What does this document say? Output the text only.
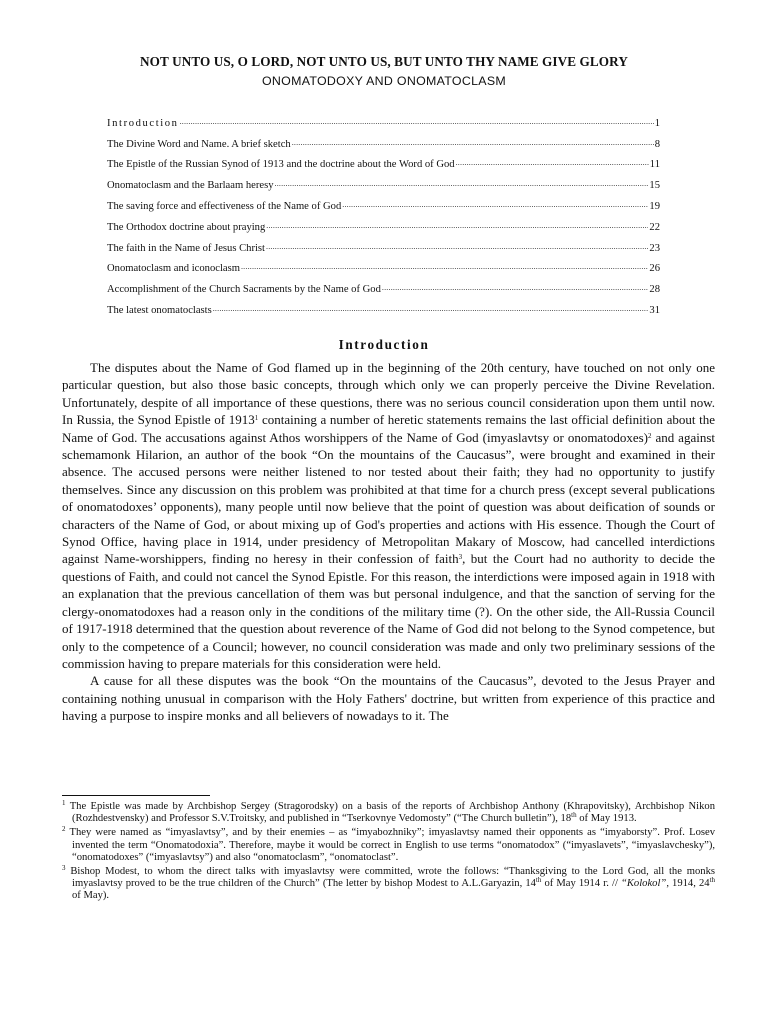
NOT UNTO US, O LORD, NOT UNTO US, BUT UNTO THY NAME GIVE GLORY
ONOMATODOXY AND ONOMATOCLASM
Introduction .....	1
The Divine Word and Name. A brief sketch .....	8
The Epistle of the Russian Synod of 1913 and the doctrine about the Word of God .....	11
Onomatoclasm and the Barlaam heresy .....	15
The saving force and effectiveness of the Name of God .....	19
The Orthodox doctrine about praying .....	22
The faith in the Name of Jesus Christ .....	23
Onomatoclasm and iconoclasm .....	26
Accomplishment of the Church Sacraments by the Name of God .....	28
The latest onomatoclasts .....	31
Introduction

The disputes about the Name of God flamed up in the beginning of the 20th century, have touched on not only one particular question, but also those basic concepts, through which only we can properly perceive the Divine Revelation. Unfortunately, despite of all importance of these questions, there was no serious council consideration upon them until now. In Russia, the Synod Epistle of 1913$^1$ containing a number of heretic statements remains the last official definition about the Name of God. The accusations against Athos worshippers of the Name of God (imyaslavtsy or onomatodoxes)$^2$ and against schemamonk Hilarion, an author of the book “On the mountains of the Caucasus”, were brought and examined in their absence. The accused persons were neither listened to nor tested about their faith; they had no opportunity to justify themselves. Since any discussion on this problem was prohibited at that time for a church press (except several publications of onomatodoxes’ opponents), many people until now believe that the point of question was about deification of sounds or characters of the Name of God, or about mixing up of God's properties and actions with His essence. Though the Court of Synod Office, having place in 1914, under presidency of Metropolitan Makary of Moscow, had cancelled interdictions against Name-worshippers, finding no heresy in their confession of faith$^3$, but the Court had no authority to decide the questions of Faith, and could not cancel the Synod Epistle. For this reason, the interdictions were imposed again in 1918 with an explanation that the previous cancellation of them was but personal indulgence, and that the sanction of serving for the clergy-onomatodoxes had a reason only in the conditions of the military time (?). On the other side, the All-Russia Council of 1917-1918 determined that the question about reverence of the Name of God did not belong to the Synod competence, but only to the competence of a Council; however, no council consideration was made and only two preliminary sessions of the commission having to prepare materials for this consideration were held.

A cause for all these disputes was the book “On the mountains of the Caucasus”, devoted to the Jesus Prayer and containing nothing unusual in comparison with the Holy Fathers' doctrine, but written from experience of this practice and having a purpose to inspire monks and all believers of nowadays to it. The

$^1$ The Epistle was made by Archbishop Sergey (Stragorodsky) on a basis of the reports of Archbishop Anthony (Khrapovitsky), Archbishop Nikon (Rozhdestvensky) and Professor S.V.Troitsky, and published in “Tserkovnye Vedomosty” (“The Church bulletin”), 18th of May 1913.
$^2$ They were named as “imyaslavtsy”, and by their enemies – as “imyabozhniky”; imyaslavtsy named their opponents as “imyaborsty”. Prof. Losev invented the term “Onomatodoxia”. Therefore, maybe it would be correct in English to use terms “onomatodox” (“imyaslavets”, “imyaslavchesky”), “onomatodoxes” (“imyaslavtsy”) and also “onomatoclasm”, “onomatoclast”.
$^3$ Bishop Modest, to whom the direct talks with imyaslavtsy were committed, wrote the follows: “Thanksgiving to the Lord God, all the monks imyaslavtsy proved to be the true children of the Church” (The letter by bishop Modest to A.L.Garyazin, 14th of May 1914 г. // “Kolokol”, 1914, 24th of May).
